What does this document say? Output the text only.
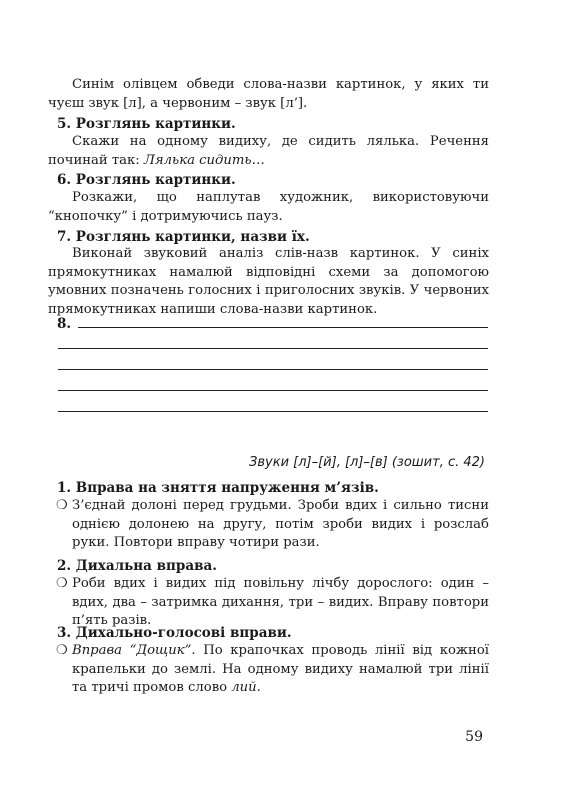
Синім олівцем обведи слова-назви картинок, у яких ти чуєш звук [л], а червоним – звук [л’].
5. Розглянь картинки.
Скажи на одному видиху, де сидить лялька. Речення починай так: Лялька сидить…
6. Розглянь картинки.
Розкажи, що наплутав художник, використовуючи “кнопочку” і дотримуючись пауз.
7. Розглянь картинки, назви їх.
Виконай звуковий аналіз слів-назв картинок. У синіх прямокутниках намалюй відповідні схеми за допомогою умовних позначень голосних і приголосних звуків. У червоних прямокутниках напиши слова-назви картинок.
8.
Звуки [л]–[й], [л]–[в] (зошит, с. 42)
1. Вправа на зняття напруження м’язів.
❍ З’єднай долоні перед грудьми. Зроби вдих і сильно тисни однією долонею на другу, потім зроби видих і розслаб руки. Повтори вправу чотири рази.
2. Дихальна вправа.
❍ Роби вдих і видих під повільну лічбу дорослого: один – вдих, два – затримка дихання, три – видих. Вправу повтори п’ять разів.
3. Дихально-голосові вправи.
❍ Вправа “Дощик”. По крапочках проводь лінії від кожної крапельки до землі. На одному видиху намалюй три лінії та тричі промов слово лий.
59
